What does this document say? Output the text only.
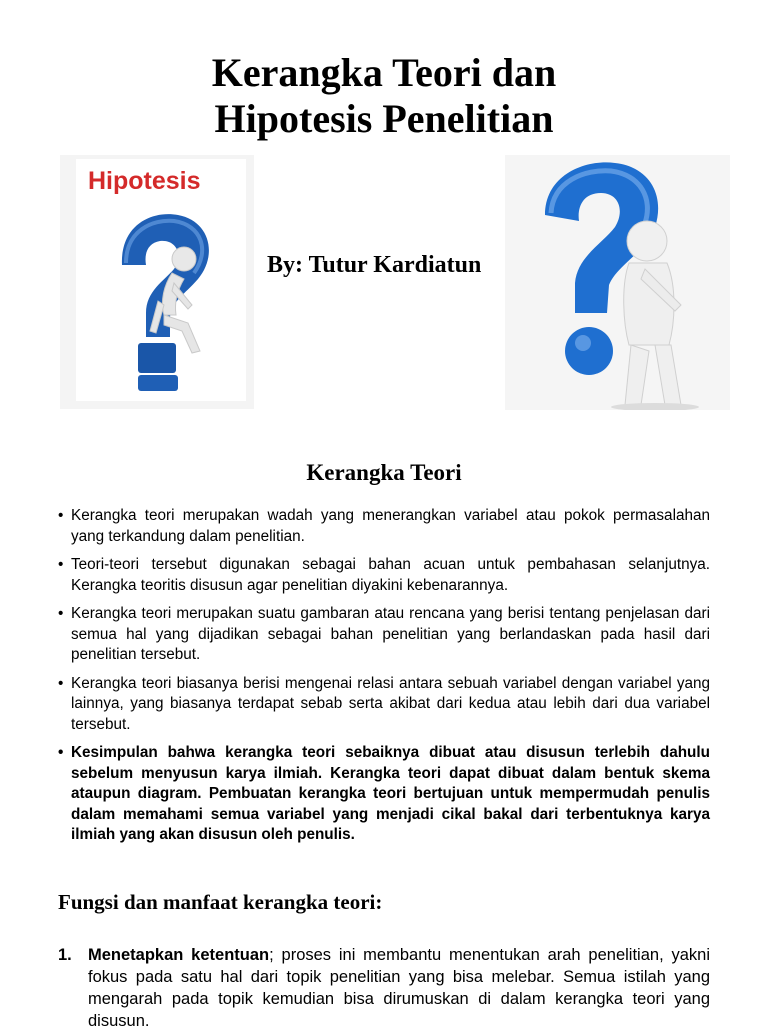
Kerangka Teori dan
Hipotesis Penelitian
Hipotesis
By: Tutur Kardiatun
Kerangka Teori
• Kerangka teori merupakan wadah yang menerangkan variabel atau pokok permasalahan yang terkandung dalam penelitian.
• Teori-teori tersebut digunakan sebagai bahan acuan untuk pembahasan selanjutnya. Kerangka teoritis disusun agar penelitian diyakini kebenarannya.
• Kerangka teori merupakan suatu gambaran atau rencana yang berisi tentang penjelasan dari semua hal yang dijadikan sebagai bahan penelitian yang berlandaskan pada hasil dari penelitian tersebut.
• Kerangka teori biasanya berisi mengenai relasi antara sebuah variabel dengan variabel yang lainnya, yang biasanya terdapat sebab serta akibat dari kedua atau lebih dari dua variabel tersebut.
• Kesimpulan bahwa kerangka teori sebaiknya dibuat atau disusun terlebih dahulu sebelum menyusun karya ilmiah. Kerangka teori dapat dibuat dalam bentuk skema ataupun diagram. Pembuatan kerangka teori bertujuan untuk mempermudah penulis dalam memahami semua variabel yang menjadi cikal bakal dari terbentuknya karya ilmiah yang akan disusun oleh penulis.
Fungsi dan manfaat kerangka teori:
1. Menetapkan ketentuan; proses ini membantu menentukan arah penelitian, yakni fokus pada satu hal dari topik penelitian yang bisa melebar. Semua istilah yang mengarah pada topik kemudian bisa dirumuskan di dalam kerangka teori yang disusun.
